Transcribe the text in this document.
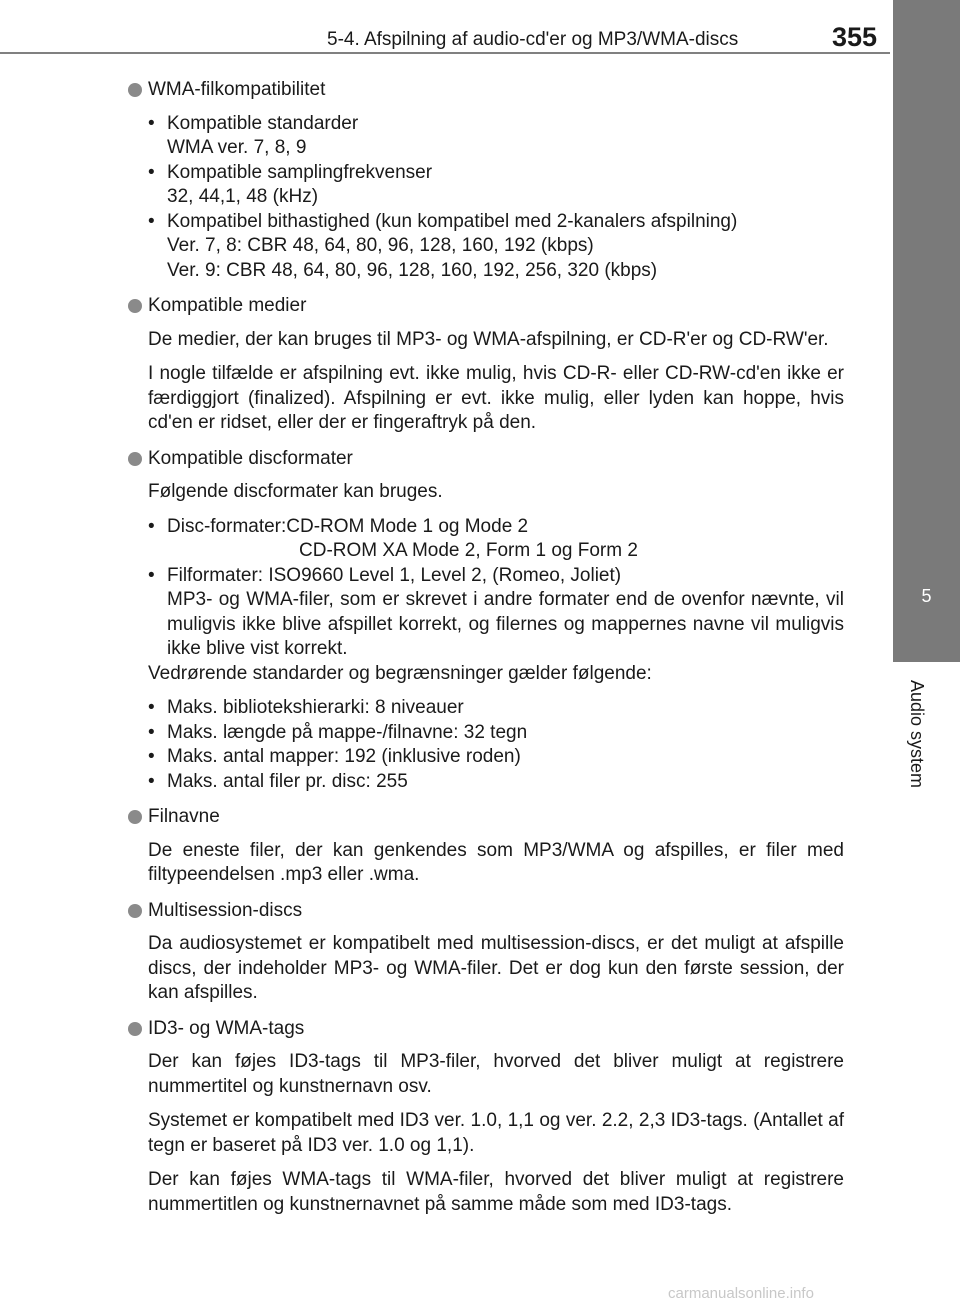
5-4. Afspilning af audio-cd'er og MP3/WMA-discs	355
5
Audio system
WMA-filkompatibilitet
• Kompatible standarder
WMA ver. 7, 8, 9
• Kompatible samplingfrekvenser
32, 44,1, 48 (kHz)
• Kompatibel bithastighed (kun kompatibel med 2-kanalers afspilning)
Ver. 7, 8: CBR 48, 64, 80, 96, 128, 160, 192 (kbps)
Ver. 9: CBR 48, 64, 80, 96, 128, 160, 192, 256, 320 (kbps)
Kompatible medier

De medier, der kan bruges til MP3- og WMA-afspilning, er CD-R'er og CD-RW'er.

I nogle tilfælde er afspilning evt. ikke mulig, hvis CD-R- eller CD-RW-cd'en ikke er færdiggjort (finalized). Afspilning er evt. ikke mulig, eller lyden kan hoppe, hvis cd'en er ridset, eller der er fingeraftryk på den.

Kompatible discformater

Følgende discformater kan bruges.

• Disc-formater:CD-ROM Mode 1 og Mode 2
CD-ROM XA Mode 2, Form 1 og Form 2
• Filformater: ISO9660 Level 1, Level 2, (Romeo, Joliet)
MP3- og WMA-filer, som er skrevet i andre formater end de ovenfor nævnte, vil muligvis ikke blive afspillet korrekt, og filernes og mappernes navne vil muligvis ikke blive vist korrekt.
Vedrørende standarder og begrænsninger gælder følgende:
• Maks. bibliotekshierarki: 8 niveauer
• Maks. længde på mappe-/filnavne: 32 tegn
• Maks. antal mapper: 192 (inklusive roden)
• Maks. antal filer pr. disc: 255
Filnavne

De eneste filer, der kan genkendes som MP3/WMA og afspilles, er filer med filtypeendelsen .mp3 eller .wma.

Multisession-discs

Da audiosystemet er kompatibelt med multisession-discs, er det muligt at afspille discs, der indeholder MP3- og WMA-filer. Det er dog kun den første session, der kan afspilles.

ID3- og WMA-tags

Der kan føjes ID3-tags til MP3-filer, hvorved det bliver muligt at registrere nummertitel og kunstnernavn osv.

Systemet er kompatibelt med ID3 ver. 1.0, 1,1 og ver. 2.2, 2,3 ID3-tags. (Antallet af tegn er baseret på ID3 ver. 1.0 og 1,1).

Der kan føjes WMA-tags til WMA-filer, hvorved det bliver muligt at registrere nummertitlen og kunstnernavnet på samme måde som med ID3-tags.

carmanualsonline.info
